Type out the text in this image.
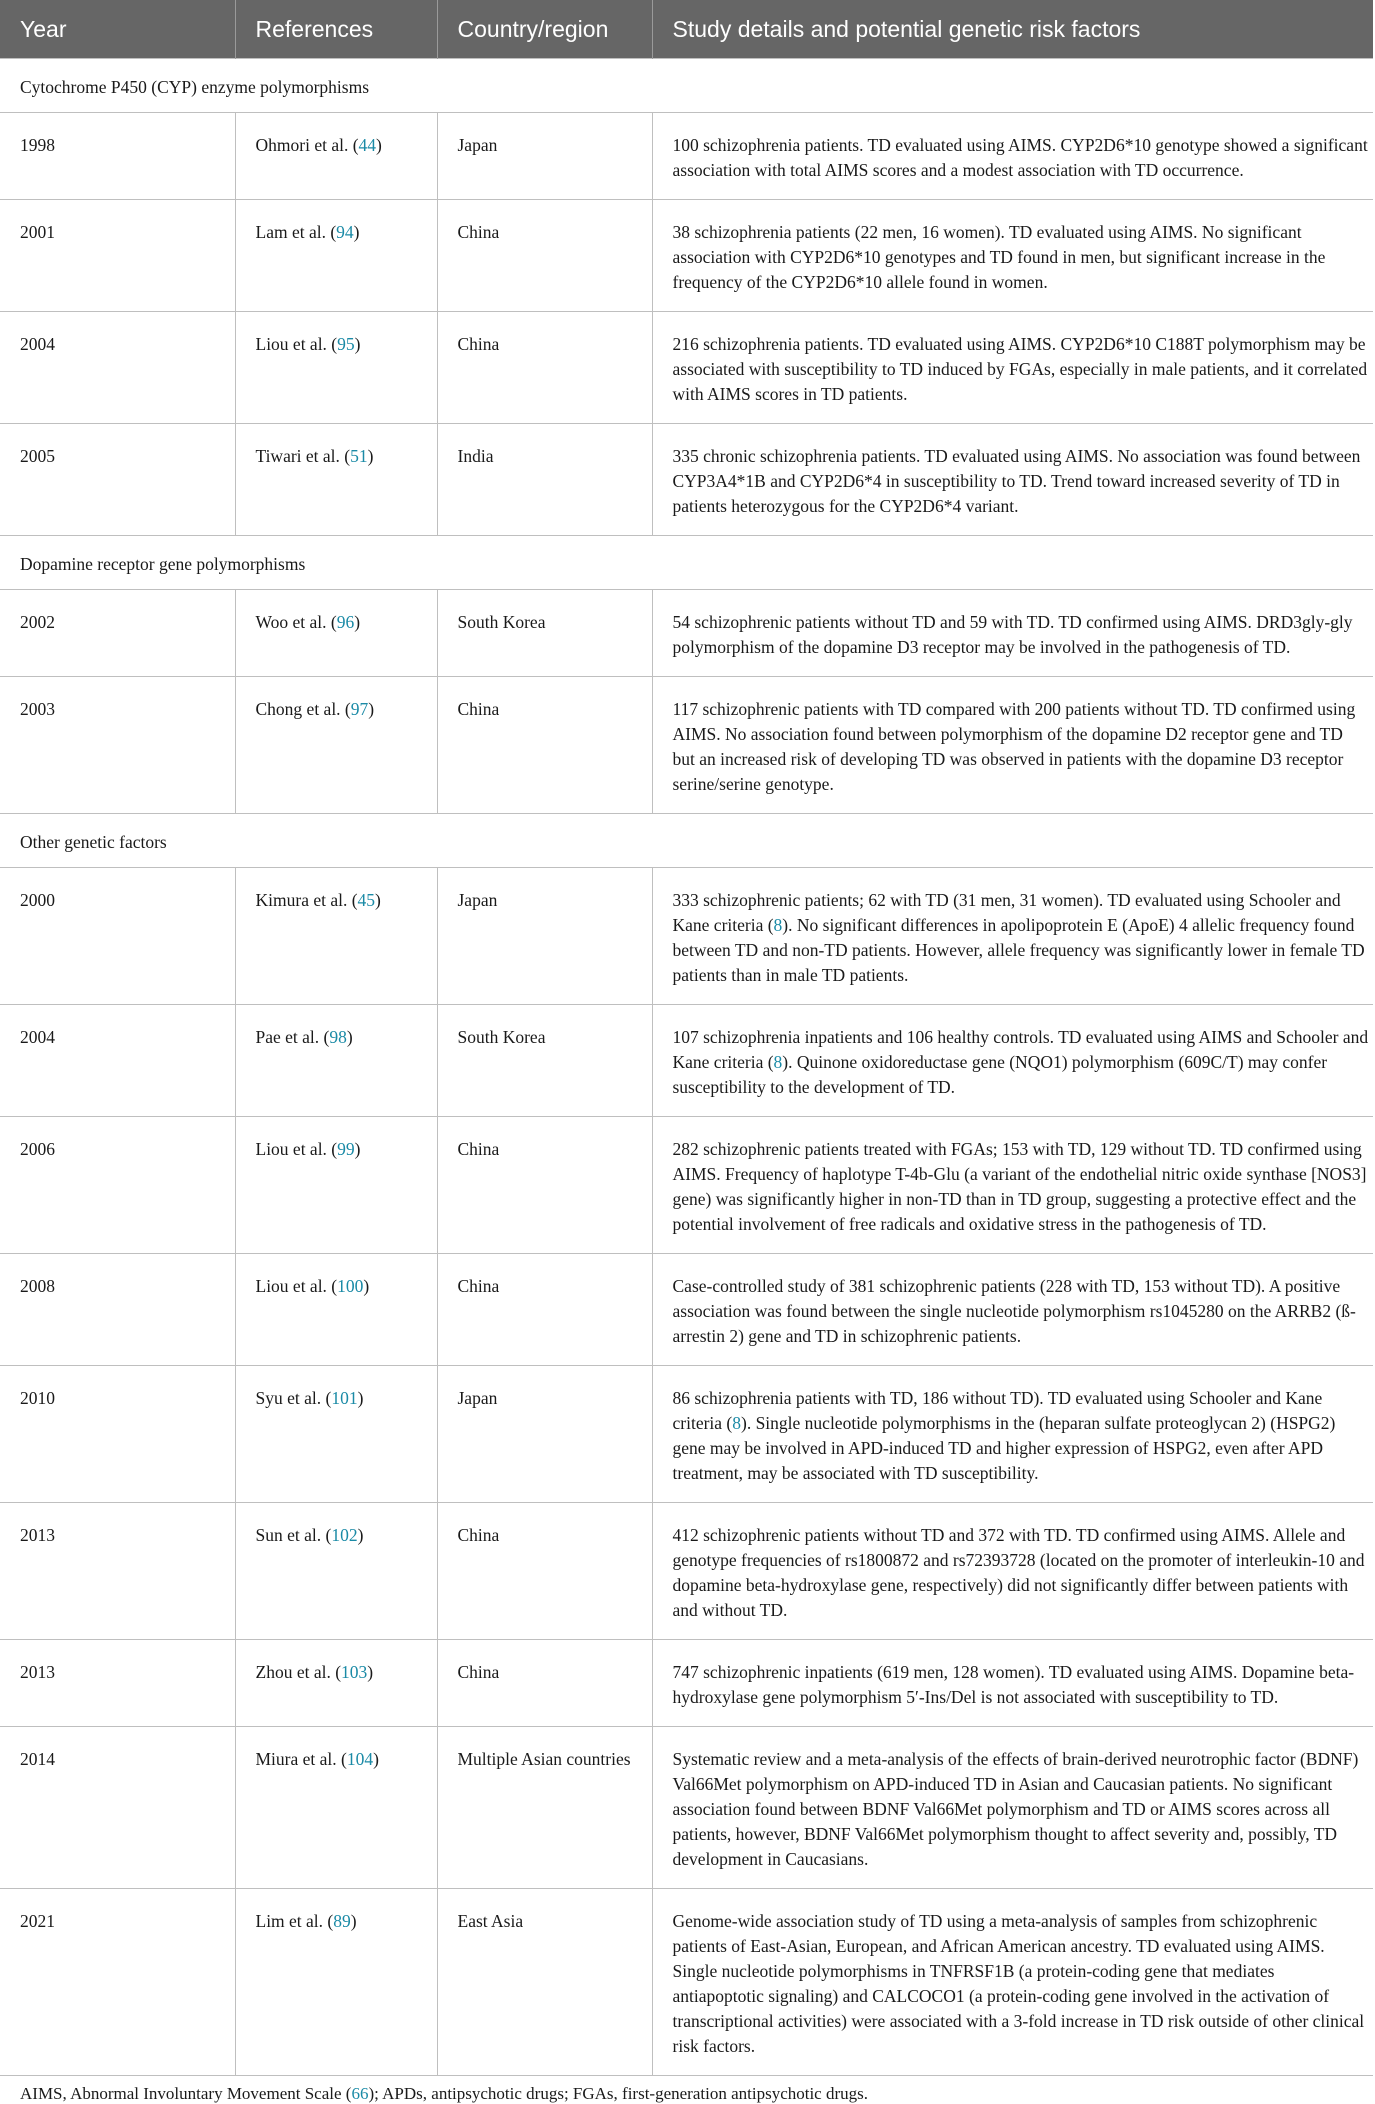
Year	References	Country/region	Study details and potential genetic risk factors
Cytochrome P450 (CYP) enzyme polymorphisms			
1998	Ohmori et al. (44)	Japan	100 schizophrenia patients. TD evaluated using AIMS. CYP2D6*10 genotype showed a significant association with total AIMS scores and a modest association with TD occurrence.
2001	Lam et al. (94)	China	38 schizophrenia patients (22 men, 16 women). TD evaluated using AIMS. No significant association with CYP2D6*10 genotypes and TD found in men, but significant increase in the frequency of the CYP2D6*10 allele found in women.
2004	Liou et al. (95)	China	216 schizophrenia patients. TD evaluated using AIMS. CYP2D6*10 C188T polymorphism may be associated with susceptibility to TD induced by FGAs, especially in male patients, and it correlated with AIMS scores in TD patients.
2005	Tiwari et al. (51)	India	335 chronic schizophrenia patients. TD evaluated using AIMS. No association was found between CYP3A4*1B and CYP2D6*4 in susceptibility to TD. Trend toward increased severity of TD in patients heterozygous for the CYP2D6*4 variant.
Dopamine receptor gene polymorphisms			
2002	Woo et al. (96)	South Korea	54 schizophrenic patients without TD and 59 with TD. TD confirmed using AIMS. DRD3gly-gly polymorphism of the dopamine D3 receptor may be involved in the pathogenesis of TD.
2003	Chong et al. (97)	China	117 schizophrenic patients with TD compared with 200 patients without TD. TD confirmed using AIMS. No association found between polymorphism of the dopamine D2 receptor gene and TD but an increased risk of developing TD was observed in patients with the dopamine D3 receptor serine/serine genotype.
Other genetic factors			
2000	Kimura et al. (45)	Japan	333 schizophrenic patients; 62 with TD (31 men, 31 women). TD evaluated using Schooler and Kane criteria (8). No significant differences in apolipoprotein E (ApoE) 4 allelic frequency found between TD and non-TD patients. However, allele frequency was significantly lower in female TD patients than in male TD patients.
2004	Pae et al. (98)	South Korea	107 schizophrenia inpatients and 106 healthy controls. TD evaluated using AIMS and Schooler and Kane criteria (8). Quinone oxidoreductase gene (NQO1) polymorphism (609C/T) may confer susceptibility to the development of TD.
2006	Liou et al. (99)	China	282 schizophrenic patients treated with FGAs; 153 with TD, 129 without TD. TD confirmed using AIMS. Frequency of haplotype T-4b-Glu (a variant of the endothelial nitric oxide synthase [NOS3] gene) was significantly higher in non-TD than in TD group, suggesting a protective effect and the potential involvement of free radicals and oxidative stress in the pathogenesis of TD.
2008	Liou et al. (100)	China	Case-controlled study of 381 schizophrenic patients (228 with TD, 153 without TD). A positive association was found between the single nucleotide polymorphism rs1045280 on the ARRB2 (ß-arrestin 2) gene and TD in schizophrenic patients.
2010	Syu et al. (101)	Japan	86 schizophrenia patients with TD, 186 without TD). TD evaluated using Schooler and Kane criteria (8). Single nucleotide polymorphisms in the (heparan sulfate proteoglycan 2) (HSPG2) gene may be involved in APD-induced TD and higher expression of HSPG2, even after APD treatment, may be associated with TD susceptibility.
2013	Sun et al. (102)	China	412 schizophrenic patients without TD and 372 with TD. TD confirmed using AIMS. Allele and genotype frequencies of rs1800872 and rs72393728 (located on the promoter of interleukin-10 and dopamine beta-hydroxylase gene, respectively) did not significantly differ between patients with and without TD.
2013	Zhou et al. (103)	China	747 schizophrenic inpatients (619 men, 128 women). TD evaluated using AIMS. Dopamine beta-hydroxylase gene polymorphism 5′-Ins/Del is not associated with susceptibility to TD.
2014	Miura et al. (104)	Multiple Asian countries	Systematic review and a meta-analysis of the effects of brain-derived neurotrophic factor (BDNF) Val66Met polymorphism on APD-induced TD in Asian and Caucasian patients. No significant association found between BDNF Val66Met polymorphism and TD or AIMS scores across all patients, however, BDNF Val66Met polymorphism thought to affect severity and, possibly, TD development in Caucasians.
2021	Lim et al. (89)	East Asia	Genome-wide association study of TD using a meta-analysis of samples from schizophrenic patients of East-Asian, European, and African American ancestry. TD evaluated using AIMS. Single nucleotide polymorphisms in TNFRSF1B (a protein-coding gene that mediates antiapoptotic signaling) and CALCOCO1 (a protein-coding gene involved in the activation of transcriptional activities) were associated with a 3-fold increase in TD risk outside of other clinical risk factors.
AIMS, Abnormal Involuntary Movement Scale (66); APDs, antipsychotic drugs; FGAs, first-generation antipsychotic drugs.
